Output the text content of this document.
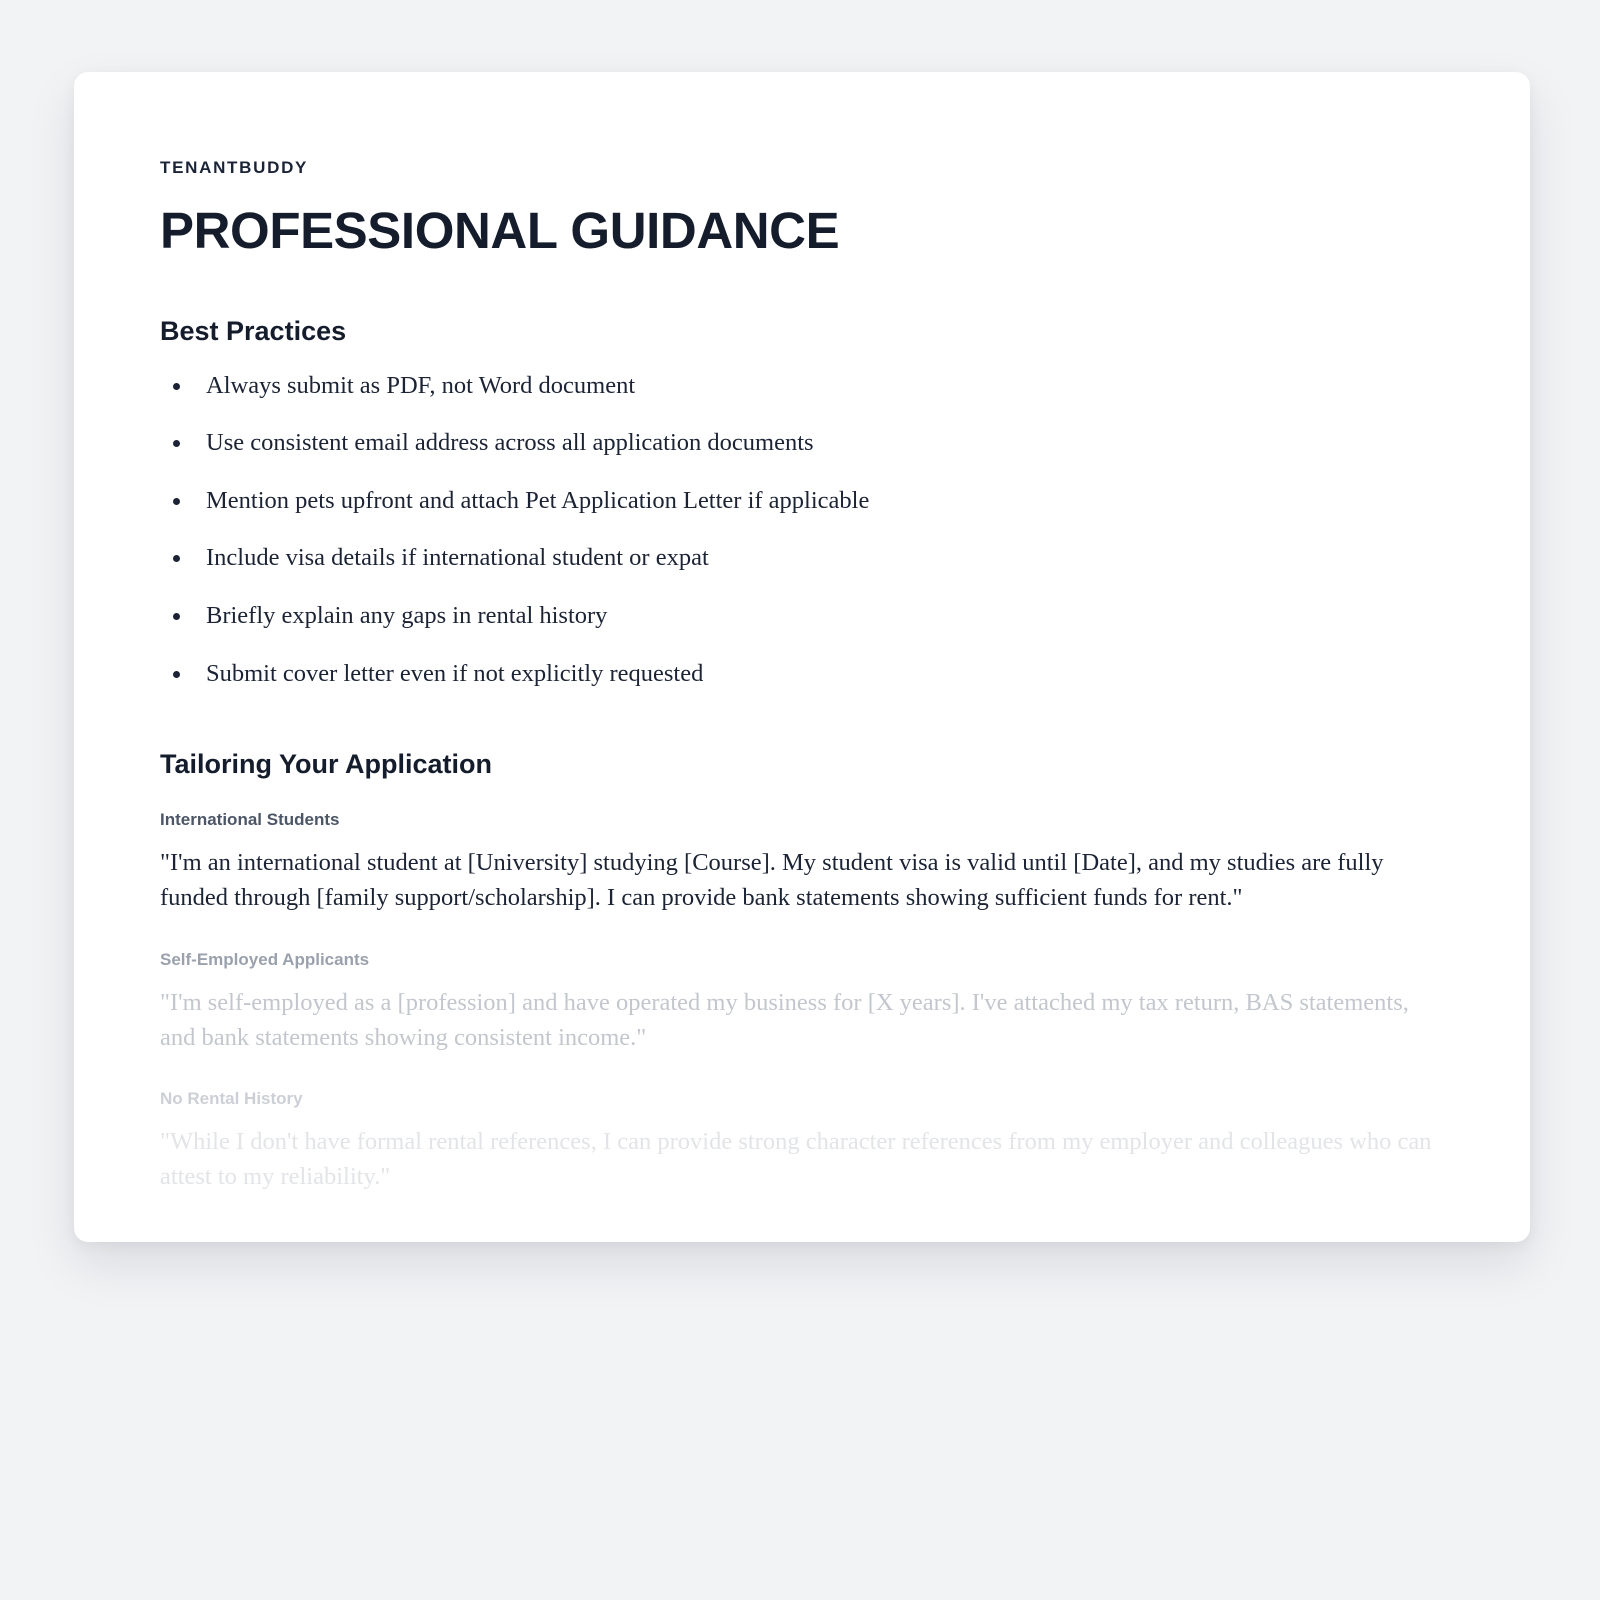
TENANTBUDDY
PROFESSIONAL GUIDANCE
Best Practices
Always submit as PDF, not Word document
Use consistent email address across all application documents
Mention pets upfront and attach Pet Application Letter if applicable
Include visa details if international student or expat
Briefly explain any gaps in rental history
Submit cover letter even if not explicitly requested
Tailoring Your Application
International Students

"I'm an international student at [University] studying [Course]. My student visa is valid until [Date], and my studies are fully funded through [family support/scholarship]. I can provide bank statements showing sufficient funds for rent."

Self-Employed Applicants

"I'm self-employed as a [profession] and have operated my business for [X years]. I've attached my tax return, BAS statements, and bank statements showing consistent income."

No Rental History

"While I don't have formal rental references, I can provide strong character references from my employer and colleagues who can attest to my reliability."
